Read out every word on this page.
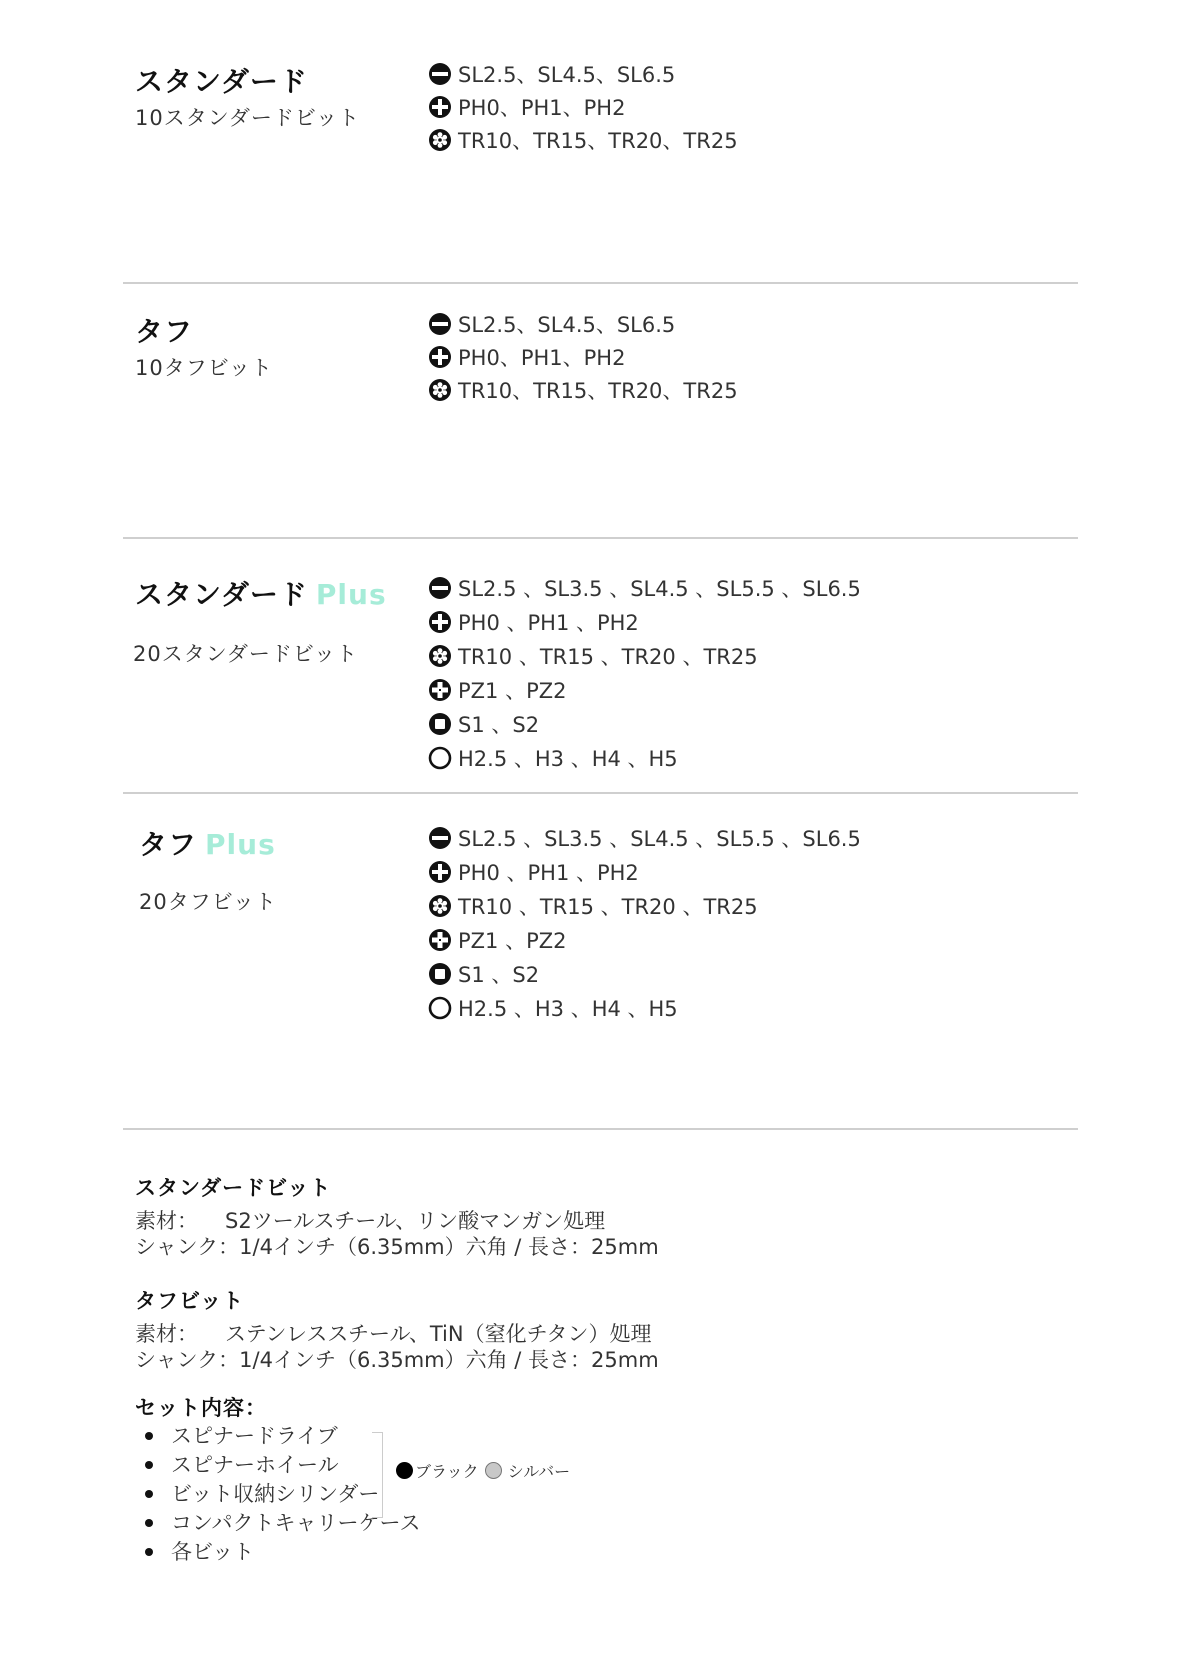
スタンダード
10スタンダードビット
SL2.5、SL4.5、SL6.5
PH0、PH1、PH2
TR10、TR15、TR20、TR25
タフ
10タフビット
SL2.5、SL4.5、SL6.5
PH0、PH1、PH2
TR10、TR15、TR20、TR25
スタンダード Plus
20スタンダードビット
SL2.5 、SL3.5 、SL4.5 、SL5.5 、SL6.5
PH0 、PH1 、PH2
TR10 、TR15 、TR20 、TR25
PZ1 、PZ2
S1 、S2
H2.5 、H3 、H4 、H5
タフ Plus
20タフビット
SL2.5 、SL3.5 、SL4.5 、SL5.5 、SL6.5
PH0 、PH1 、PH2
TR10 、TR15 、TR20 、TR25
PZ1 、PZ2
S1 、S2
H2.5 、H3 、H4 、H5
スタンダードビット
素材： S2ツールスチール、リン酸マンガン処理
シャンク：1/4インチ（6.35mm）六角 / 長さ：25mm
タフビット
素材： ステンレススチール、TiN（窒化チタン）処理
シャンク：1/4インチ（6.35mm）六角 / 長さ：25mm
セット内容：
スピナードライブ
スピナーホイール
ビット収納シリンダー
コンパクトキャリーケース
各ビット
ブラック シルバー
